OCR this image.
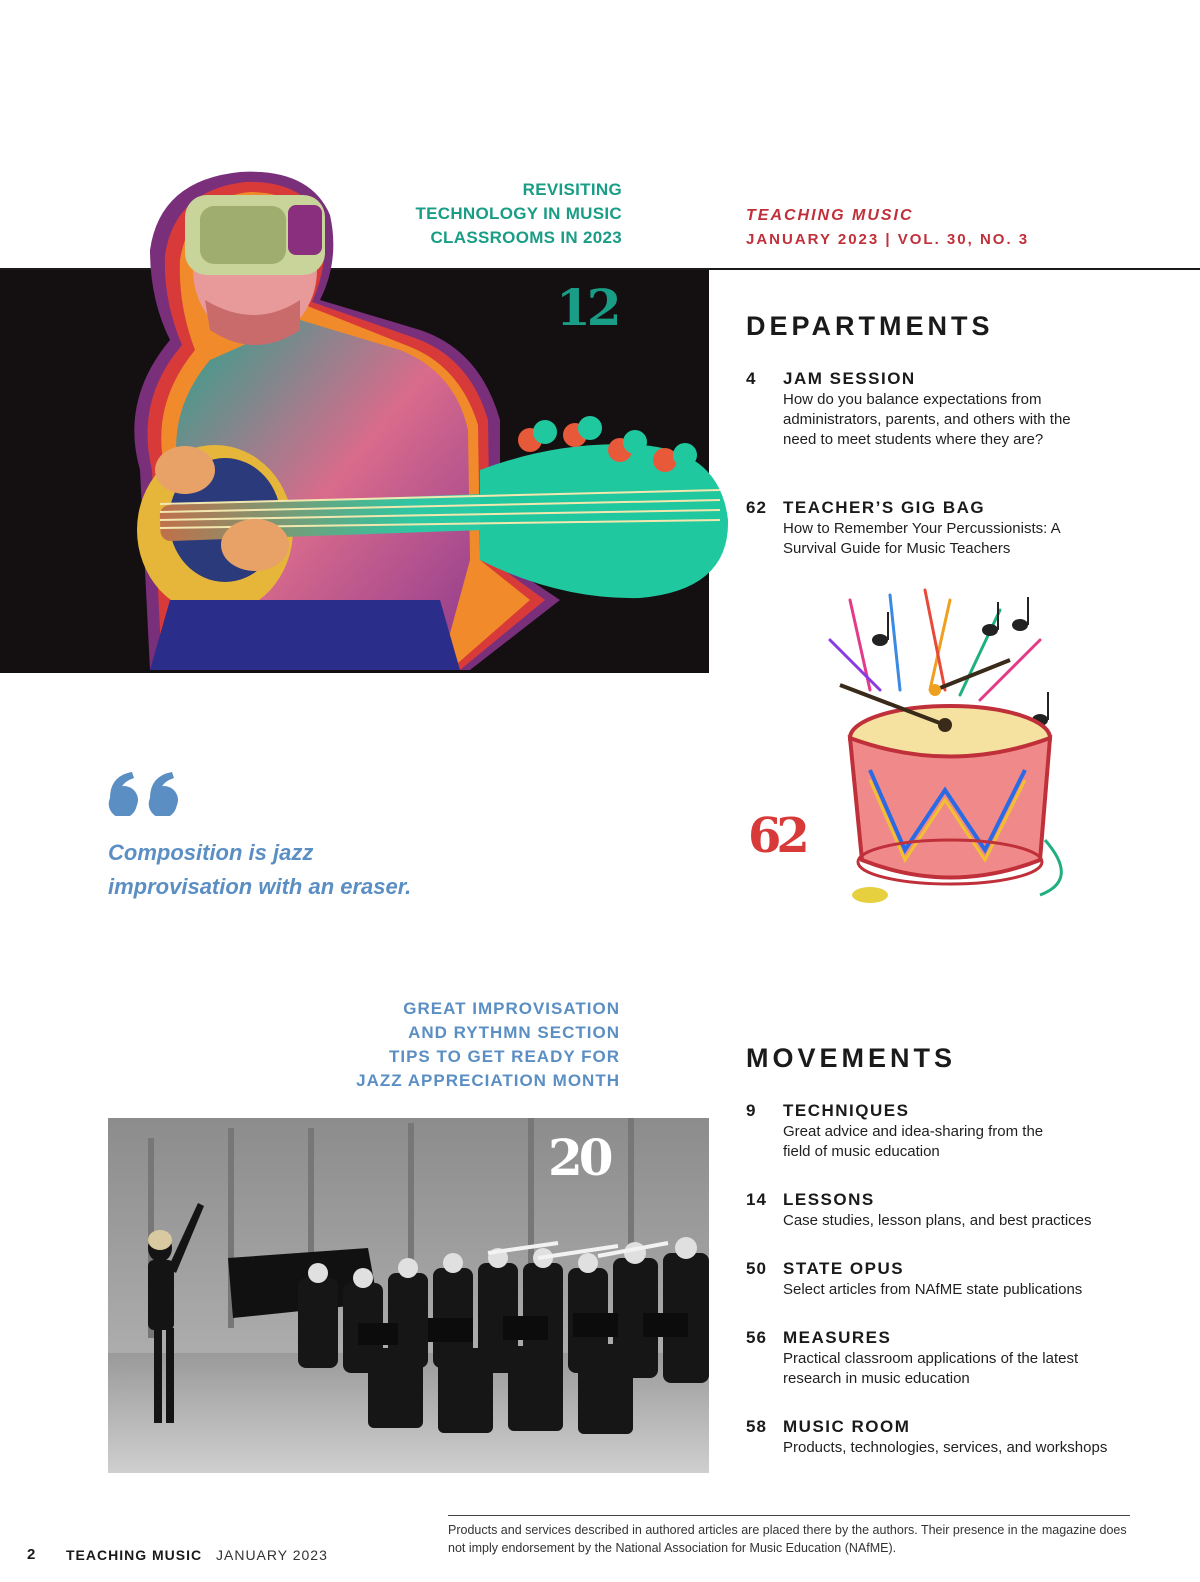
REVISITING
TECHNOLOGY IN MUSIC
CLASSROOMS IN 2023
TEACHING MUSIC
JANUARY 2023 | VOL. 30, NO. 3
12	DEPARTMENTS
4 JAM SESSION
How do you balance expectations from administrators, parents, and others with the need to meet students where they are?
62 TEACHER’S GIG BAG
How to Remember Your Percussionists: A Survival Guide for Music Teachers
62
Composition is jazz
improvisation with an eraser.
GREAT IMPROVISATION
AND RYTHMN SECTION
TIPS TO GET READY FOR
JAZZ APPRECIATION MONTH
20
MOVEMENTS
9 TECHNIQUES
Great advice and idea-sharing from the field of music education
14 LESSONS
Case studies, lesson plans, and best practices
50 STATE OPUS
Select articles from NAfME state publications
56 MEASURES
Practical classroom applications of the latest research in music education
58 MUSIC ROOM
Products, technologies, services, and workshops
Products and services described in authored articles are placed there by the authors. Their presence in the magazine does not imply endorsement by the National Association for Music Education (NAfME).
2 TEACHING MUSIC JANUARY 2023
